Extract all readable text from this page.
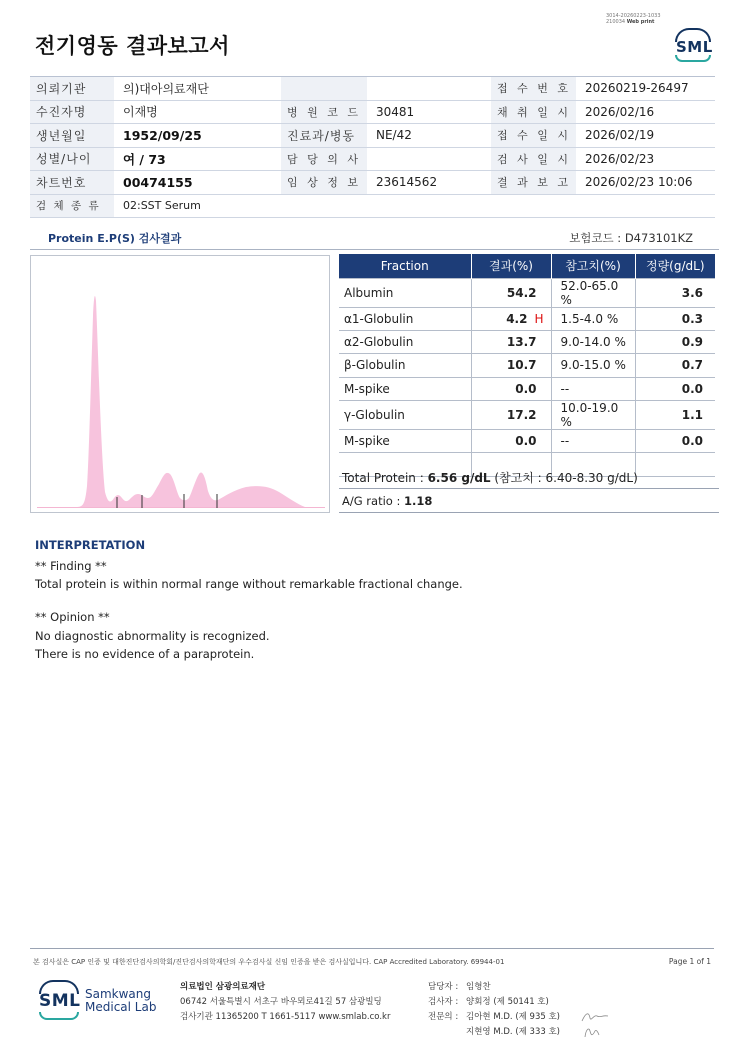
3014-20260223-1033
210034 Web print
전기영동 결과보고서	SML
의뢰기관	의)대아의료재단			접 수 번 호	20260219-26497
수진자명	이재명	병 원 코 드	30481	채 취 일 시	2026/02/16
생년월일	1952/09/25	진료과/병동	NE/42	접 수 일 시	2026/02/19
성별/나이	여 / 73	담 당 의 사		검 사 일 시	2026/02/23
차트번호	00474155	임 상 정 보	23614562	결 과 보 고	2026/02/23 10:06
검 체 종 류	02:SST Serum				
Protein E.P(S) 검사결과	보험코드 : D473101KZ
Fraction	결과(%)	참고치(%)	정량(g/dL)
Albumin	54.2	52.0-65.0 %	3.6
α1-Globulin	4.2 H	1.5-4.0 %	0.3
α2-Globulin	13.7	9.0-14.0 %	0.9
β-Globulin	10.7	9.0-15.0 %	0.7
M-spike	0.0	--	0.0
γ-Globulin	17.2	10.0-19.0 %	1.1
M-spike	0.0	--	0.0

Total Protein : 6.56 g/dL (참고치 : 6.40-8.30 g/dL)
A/G ratio : 1.18
INTERPRETATION
** Finding **
Total protein is within normal range without remarkable fractional change.
** Opinion **
No diagnostic abnormality is recognized.
There is no evidence of a paraprotein.
본 검사실은 CAP 인증 및 대한진단검사의학회/진단검사의학재단의 우수검사실 신임 인증을 받은 검사실입니다. CAP Accredited Laboratory. 69944-01	Page 1 of 1
SML Samkwang
Medical Lab
의료법인 삼광의료재단
06742 서울특별시 서초구 바우뫼로41길 57 삼광빌딩
검사기관 11365200 T 1661-5117 www.smlab.co.kr
담당자 : 임형찬
검사자 : 양회정 (제 50141 호)
전문의 : 김아현 M.D. (제 935 호)
지현영 M.D. (제 333 호)
